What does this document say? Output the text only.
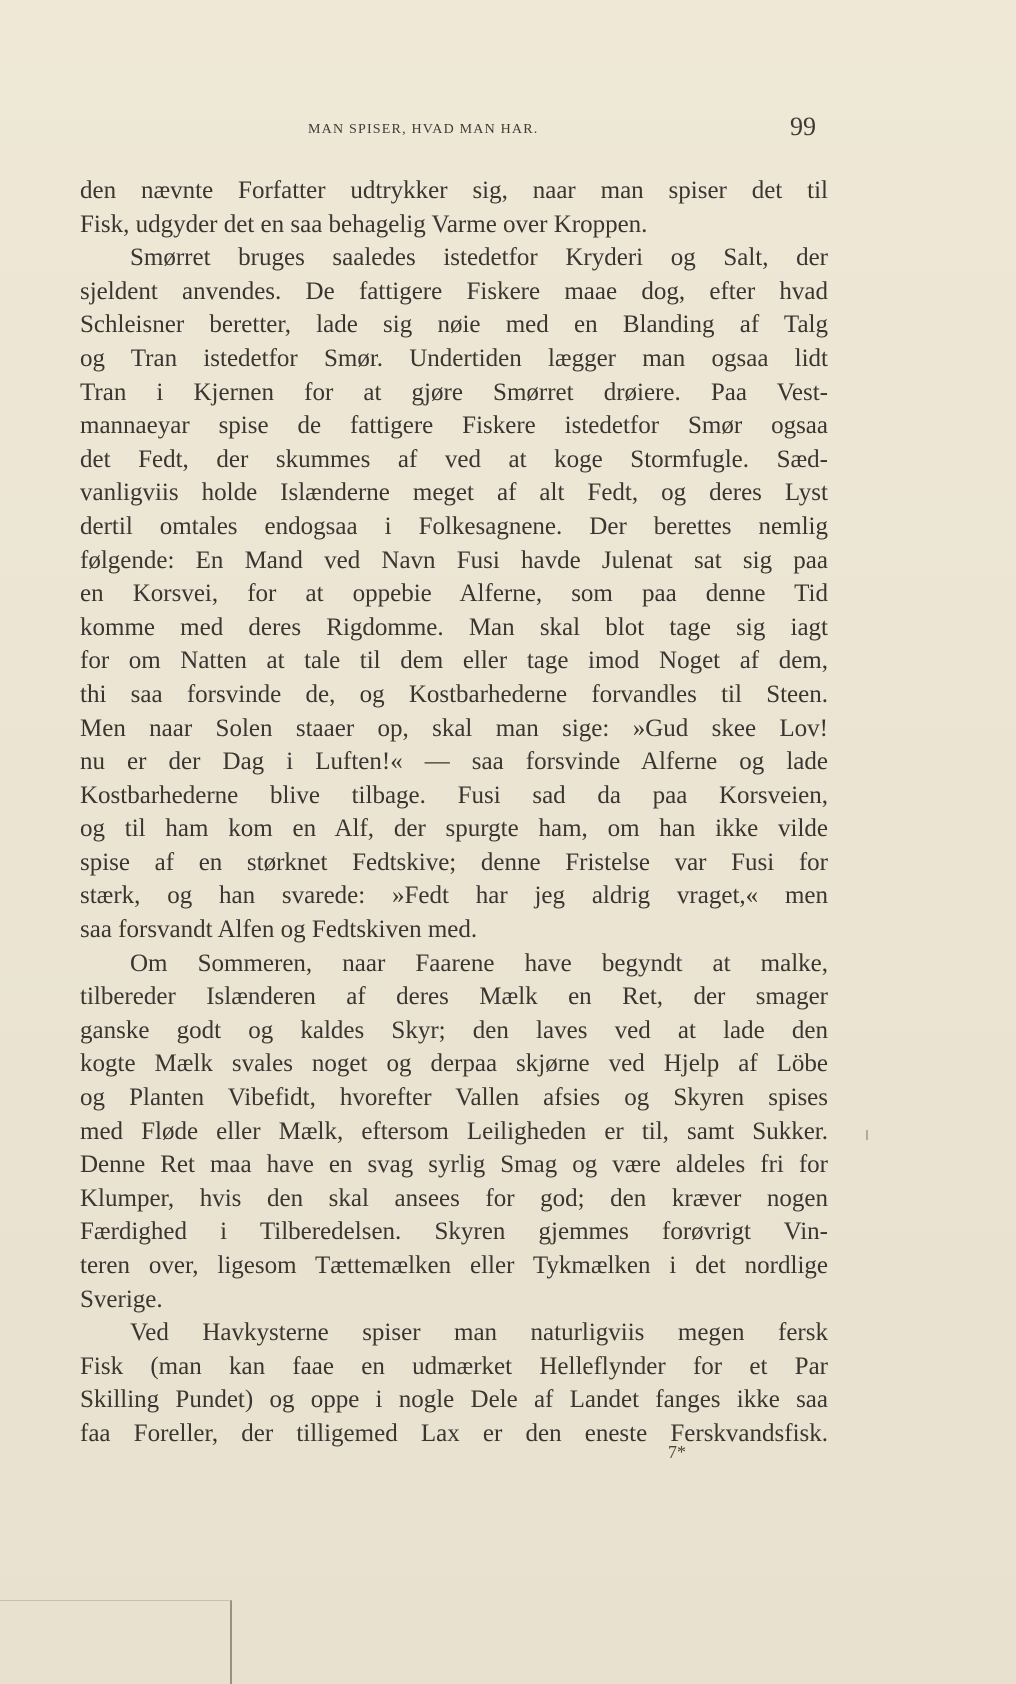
MAN SPISER, HVAD MAN HAR.	99
den nævnte Forfatter udtrykker sig, naar man spiser det til
Fisk, udgyder det en saa behagelig Varme over Kroppen.
Smørret bruges saaledes istedetfor Kryderi og Salt, der
sjeldent anvendes. De fattigere Fiskere maae dog, efter hvad
Schleisner beretter, lade sig nøie med en Blanding af Talg
og Tran istedetfor Smør. Undertiden lægger man ogsaa lidt
Tran i Kjernen for at gjøre Smørret drøiere. Paa Vest-
mannaeyar spise de fattigere Fiskere istedetfor Smør ogsaa
det Fedt, der skummes af ved at koge Stormfugle. Sæd-
vanligviis holde Islænderne meget af alt Fedt, og deres Lyst
dertil omtales endogsaa i Folkesagnene. Der berettes nemlig
følgende: En Mand ved Navn Fusi havde Julenat sat sig paa
en Korsvei, for at oppebie Alferne, som paa denne Tid
komme med deres Rigdomme. Man skal blot tage sig iagt
for om Natten at tale til dem eller tage imod Noget af dem,
thi saa forsvinde de, og Kostbarhederne forvandles til Steen.
Men naar Solen staaer op, skal man sige: »Gud skee Lov!
nu er der Dag i Luften!« — saa forsvinde Alferne og lade
Kostbarhederne blive tilbage. Fusi sad da paa Korsveien,
og til ham kom en Alf, der spurgte ham, om han ikke vilde
spise af en størknet Fedtskive; denne Fristelse var Fusi for
stærk, og han svarede: »Fedt har jeg aldrig vraget,« men
saa forsvandt Alfen og Fedtskiven med.
Om Sommeren, naar Faarene have begyndt at malke,
tilbereder Islænderen af deres Mælk en Ret, der smager
ganske godt og kaldes Skyr; den laves ved at lade den
kogte Mælk svales noget og derpaa skjørne ved Hjelp af Löbe
og Planten Vibefidt, hvorefter Vallen afsies og Skyren spises
med Fløde eller Mælk, eftersom Leiligheden er til, samt Sukker.
Denne Ret maa have en svag syrlig Smag og være aldeles fri for
Klumper, hvis den skal ansees for god; den kræver nogen
Færdighed i Tilberedelsen. Skyren gjemmes forøvrigt Vin-
teren over, ligesom Tættemælken eller Tykmælken i det nordlige
Sverige.
Ved Havkysterne spiser man naturligviis megen fersk
Fisk (man kan faae en udmærket Helleflynder for et Par
Skilling Pundet) og oppe i nogle Dele af Landet fanges ikke saa
faa Foreller, der tilligemed Lax er den eneste Ferskvandsfisk.
7*
